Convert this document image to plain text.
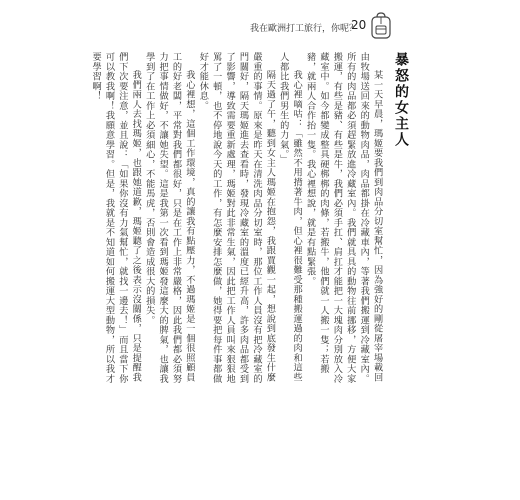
我在歐洲打工旅行，你呢？
20
暴怒的女主人

某一天早晨，瑪姬要我們到肉品分切室幫忙，因為強好的剛從屠宰場載回由牧場送回來的動物肉品，肉品都掛在冷藏車內，等著我們搬運到冷藏室內。所有的肉品都必須趕緊放進冷藏室內。我們就具具的動物往前挪移，方便大家搬運，有些是豬、有些是牛，我們必須手扛、肩扛才能把一大塊肉分別放入冷藏室中。如今都變成整具硬梆梆的肉條，若搬牛，他們就一人搬一隻；若搬豬，就兩人合作抬一隻。我心裡想說，就是有點緊張。

我心裡嘀咕：「雖然不用揹著牛肉，但心裡很難受那種搬運過的肉和這些人都比我們男生的力氣。」

隔天過了午，聽到女主人瑪姬在抱怨，我跟賈觀一起，想說到底發生什麼嚴重的事情。原來是昨天在清洗肉品分切室時，那位工作人員沒有把冷藏室的門關好，隔天瑪姬進去查看時，發現冷藏室的溫度已經升高，許多肉品都受到了影響，導致需要重新處理，瑪姬對此非常生氣，因此把工作人員叫來狠狠地罵了一頓，也不停地說今天的工作，有怎麼安排怎麼做，她得要把每件事都做好才能休息。

我心裡想，這個工作環境，真的讓我有點壓力，不過瑪姬是一個很照顧員工的好老闆，平常對我們都很好，只是在工作上非常嚴格，因此我們都必須努力把事情做好，不讓她失望。這是我第一次看到瑪姬發這麼大的脾氣，也讓我學到了在工作上必須細心，不能馬虎，否則會造成很大的損失。

我們兩人去找瑪姬，也跟她道歉，瑪姬聽了之後表示沒關係，只是提醒我們下次要注意，並且說：「如果你沒有力氣幫忙，就找一邊去！」而且當下你可以教我啊！我願意學習。但是，我就是不知道如何搬運大型動物，所以我才要學習啊！
